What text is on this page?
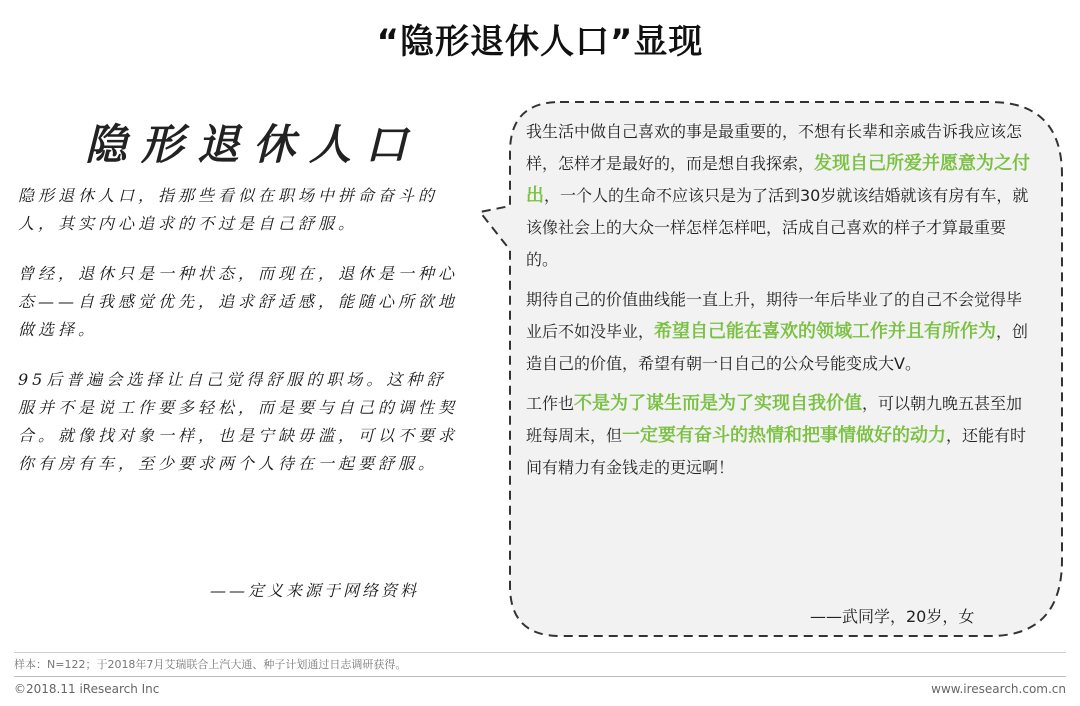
“隐形退休人口”显现
隐形退休人口

隐形退休人口，指那些看似在职场中拼命奋斗的人，其实内心追求的不过是自己舒服。

曾经，退休只是一种状态，而现在，退休是一种心态——自我感觉优先，追求舒适感，能随心所欲地做选择。

95后普遍会选择让自己觉得舒服的职场。这种舒服并不是说工作要多轻松，而是要与自己的调性契合。就像找对象一样，也是宁缺毋滥，可以不要求你有房有车，至少要求两个人待在一起要舒服。

——定义来源于网络资料

我生活中做自己喜欢的事是最重要的，不想有长辈和亲戚告诉我应该怎样，怎样才是最好的，而是想自我探索，发现自己所爱并愿意为之付出，一个人的生命不应该只是为了活到30岁就该结婚就该有房有车，就该像社会上的大众一样怎样怎样吧，活成自己喜欢的样子才算最重要的。

期待自己的价值曲线能一直上升，期待一年后毕业了的自己不会觉得毕业后不如没毕业，希望自己能在喜欢的领域工作并且有所作为，创造自己的价值，希望有朝一日自己的公众号能变成大V。

工作也不是为了谋生而是为了实现自我价值，可以朝九晚五甚至加班每周末，但一定要有奋斗的热情和把事情做好的动力，还能有时间有精力有金钱走的更远啊！

——武同学，20岁，女
样本：N=122；于2018年7月艾瑞联合上汽大通、种子计划通过日志调研获得。
©2018.11 iResearch Inc	www.iresearch.com.cn
